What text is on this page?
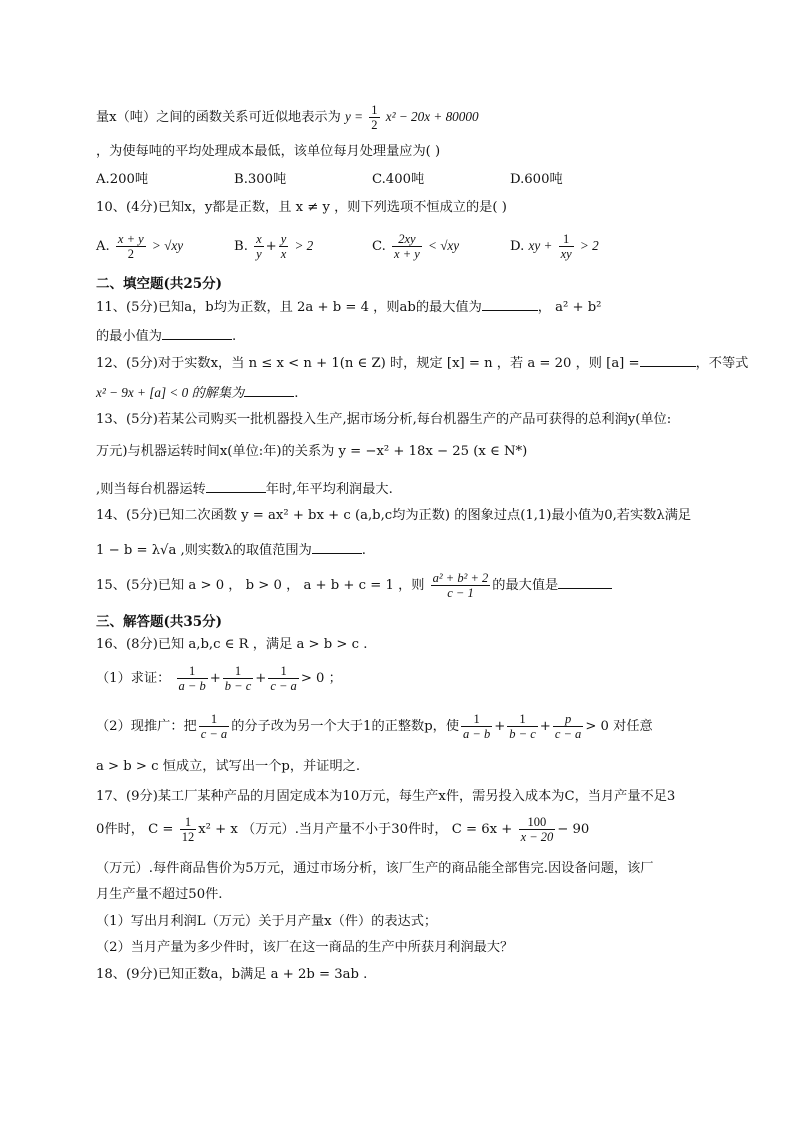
量x（吨）之间的函数关系可近似地表示为 $y = \frac{1}{2} x^2 - 20x + 80000$
，为使每吨的平均处理成本最低，该单位每月处理量应为( )
A.200吨	B.300吨	C.400吨	D.600吨
10、(4分)已知x，y都是正数，且 x ≠ y ，则下列选项不恒成立的是( )
A. $\frac{x + y}{2} > √xy$	B. $\frac{x}{y} + \frac{y}{x} > 2$	C. $\frac{2xy}{x + y} < √xy$	D. xy + $\frac{1}{xy} > 2$
二、填空题(共25分)
11、(5分)已知a，b均为正数，且 2a + b = 4 ，则ab的最大值为	， a² + b²
的最小值为	.
12、(5分)对于实数x，当 n ≤ x < n + 1(n ∈ Z) 时，规定 [x] = n ，若 a = 20 ，则 [a] =	，不等式
x² − 9x + [a] < 0 的解集为	.
13、(5分)若某公司购买一批机器投入生产,据市场分析,每台机器生产的产品可获得的总利润y(单位:
万元)与机器运转时间x(单位:年)的关系为 y = −x² + 18x − 25 (x ∈ N*)
,则当每台机器运转	年时,年平均利润最大.
14、(5分)已知二次函数 y = ax² + bx + c (a,b,c均为正数) 的图象过点(1,1)最小值为0,若实数λ满足
1 − b = λ√a ,则实数λ的取值范围为	.
15、(5分)已知 a > 0 ， b > 0 ， a + b + c = 1 ，则 $\frac{\text{a² + b² + 2}}{c - 1}$ 的最大值是
三、解答题(共35分)
16、(8分)已知 a,b,c ∈ R ，满足 a > b > c .
（1）求证： $\frac{1}{a - b} + \frac{1}{b - c} + \frac{1}{c - a} > 0$ ；
（2）现推广：把 $\frac{1}{c - a}$ 的分子改为另一个大于1的正整数p，使 $\frac{1}{a - b} + \frac{1}{b - c} + \frac{p}{c - a} > 0$ 对任意
a > b > c 恒成立，试写出一个p，并证明之.
17、(9分)某工厂某种产品的月固定成本为10万元，每生产x件，需另投入成本为C，当月产量不足3
0件时， $C = \frac{1}{12} x^2 + x$ （万元）.当月产量不小于30件时， $C = 6x + \frac{100}{x - 20} - 90$
（万元）.每件商品售价为5万元，通过市场分析，该厂生产的商品能全部售完.因设备问题，该厂
月生产量不超过50件.
（1）写出月利润L（万元）关于月产量x（件）的表达式；
（2）当月产量为多少件时，该厂在这一商品的生产中所获月利润最大？
18、(9分)已知正数a，b满足 a + 2b = 3ab .
